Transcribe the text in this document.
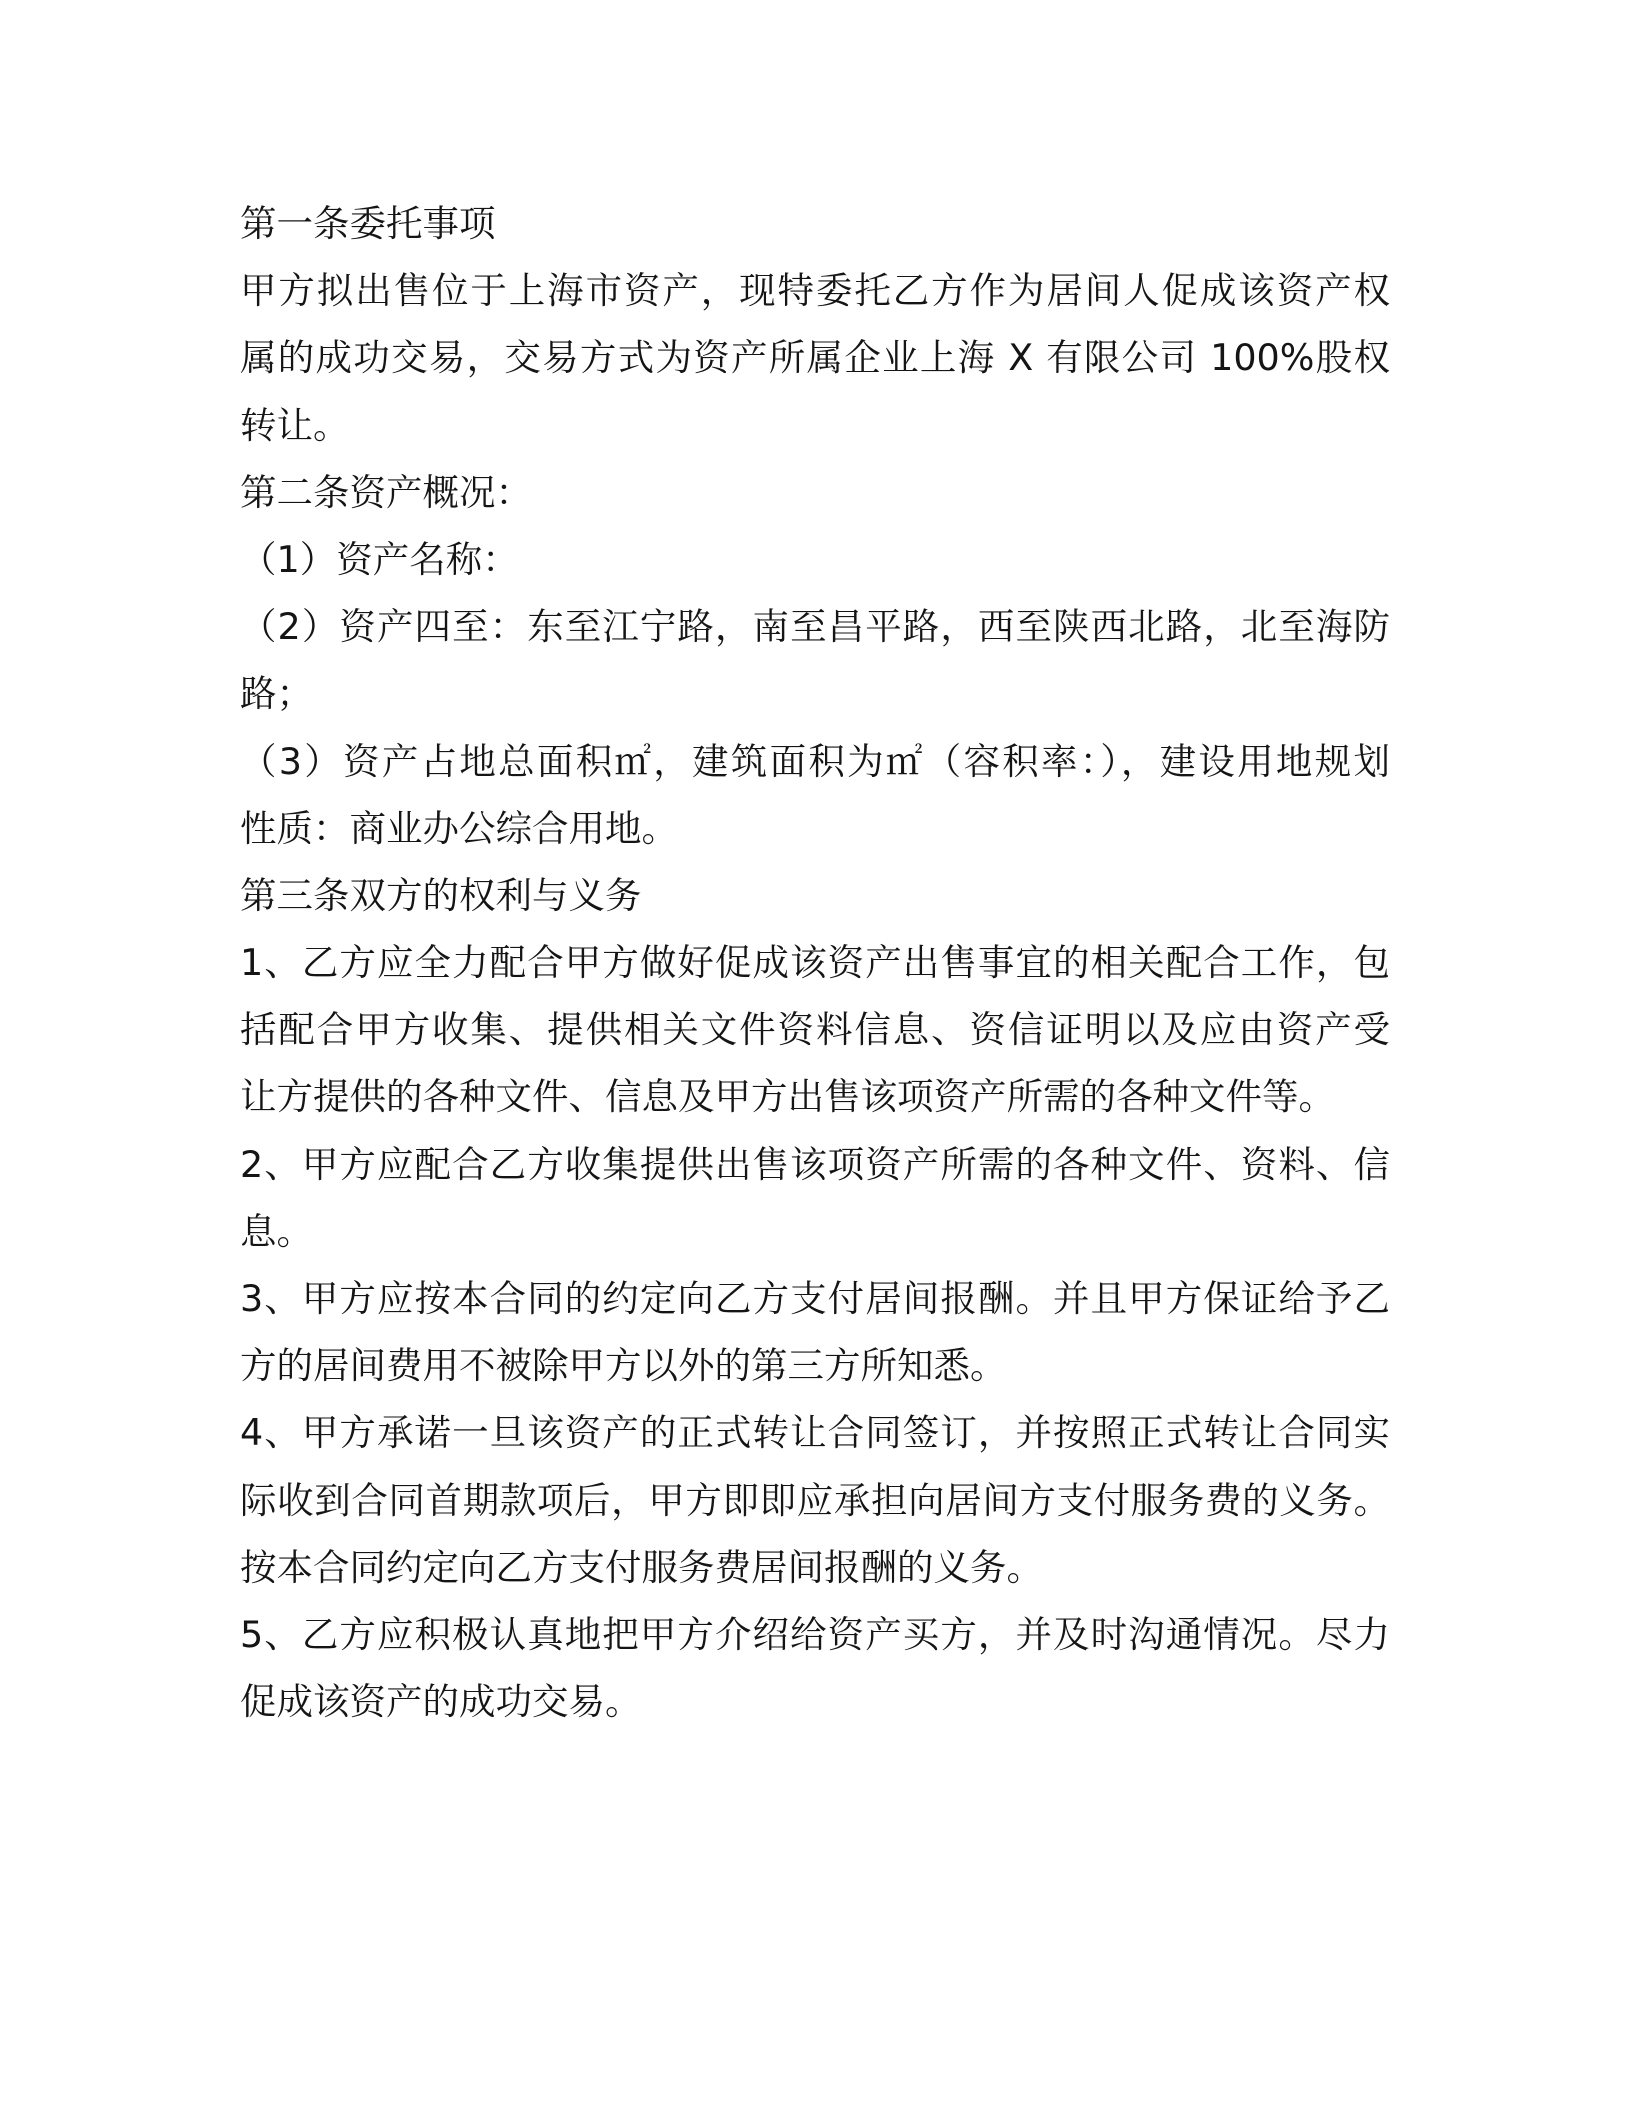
第一条委托事项

甲方拟出售位于上海市资产，现特委托乙方作为居间人促成该资产权
属的成功交易，交易方式为资产所属企业上海 X 有限公司 100%股权
转让。

第二条资产概况：

（1）资产名称：

（2）资产四至：东至江宁路，南至昌平路，西至陕西北路，北至海防
路；

（3）资产占地总面积㎡，建筑面积为㎡（容积率：），建设用地规划
性质：商业办公综合用地。

第三条双方的权利与义务

1、乙方应全力配合甲方做好促成该资产出售事宜的相关配合工作，包
括配合甲方收集、提供相关文件资料信息、资信证明以及应由资产受
让方提供的各种文件、信息及甲方出售该项资产所需的各种文件等。

2、甲方应配合乙方收集提供出售该项资产所需的各种文件、资料、信
息。

3、甲方应按本合同的约定向乙方支付居间报酬。并且甲方保证给予乙
方的居间费用不被除甲方以外的第三方所知悉。

4、甲方承诺一旦该资产的正式转让合同签订，并按照正式转让合同实
际收到合同首期款项后，甲方即即应承担向居间方支付服务费的义务。
按本合同约定向乙方支付服务费居间报酬的义务。

5、乙方应积极认真地把甲方介绍给资产买方，并及时沟通情况。尽力
促成该资产的成功交易。
